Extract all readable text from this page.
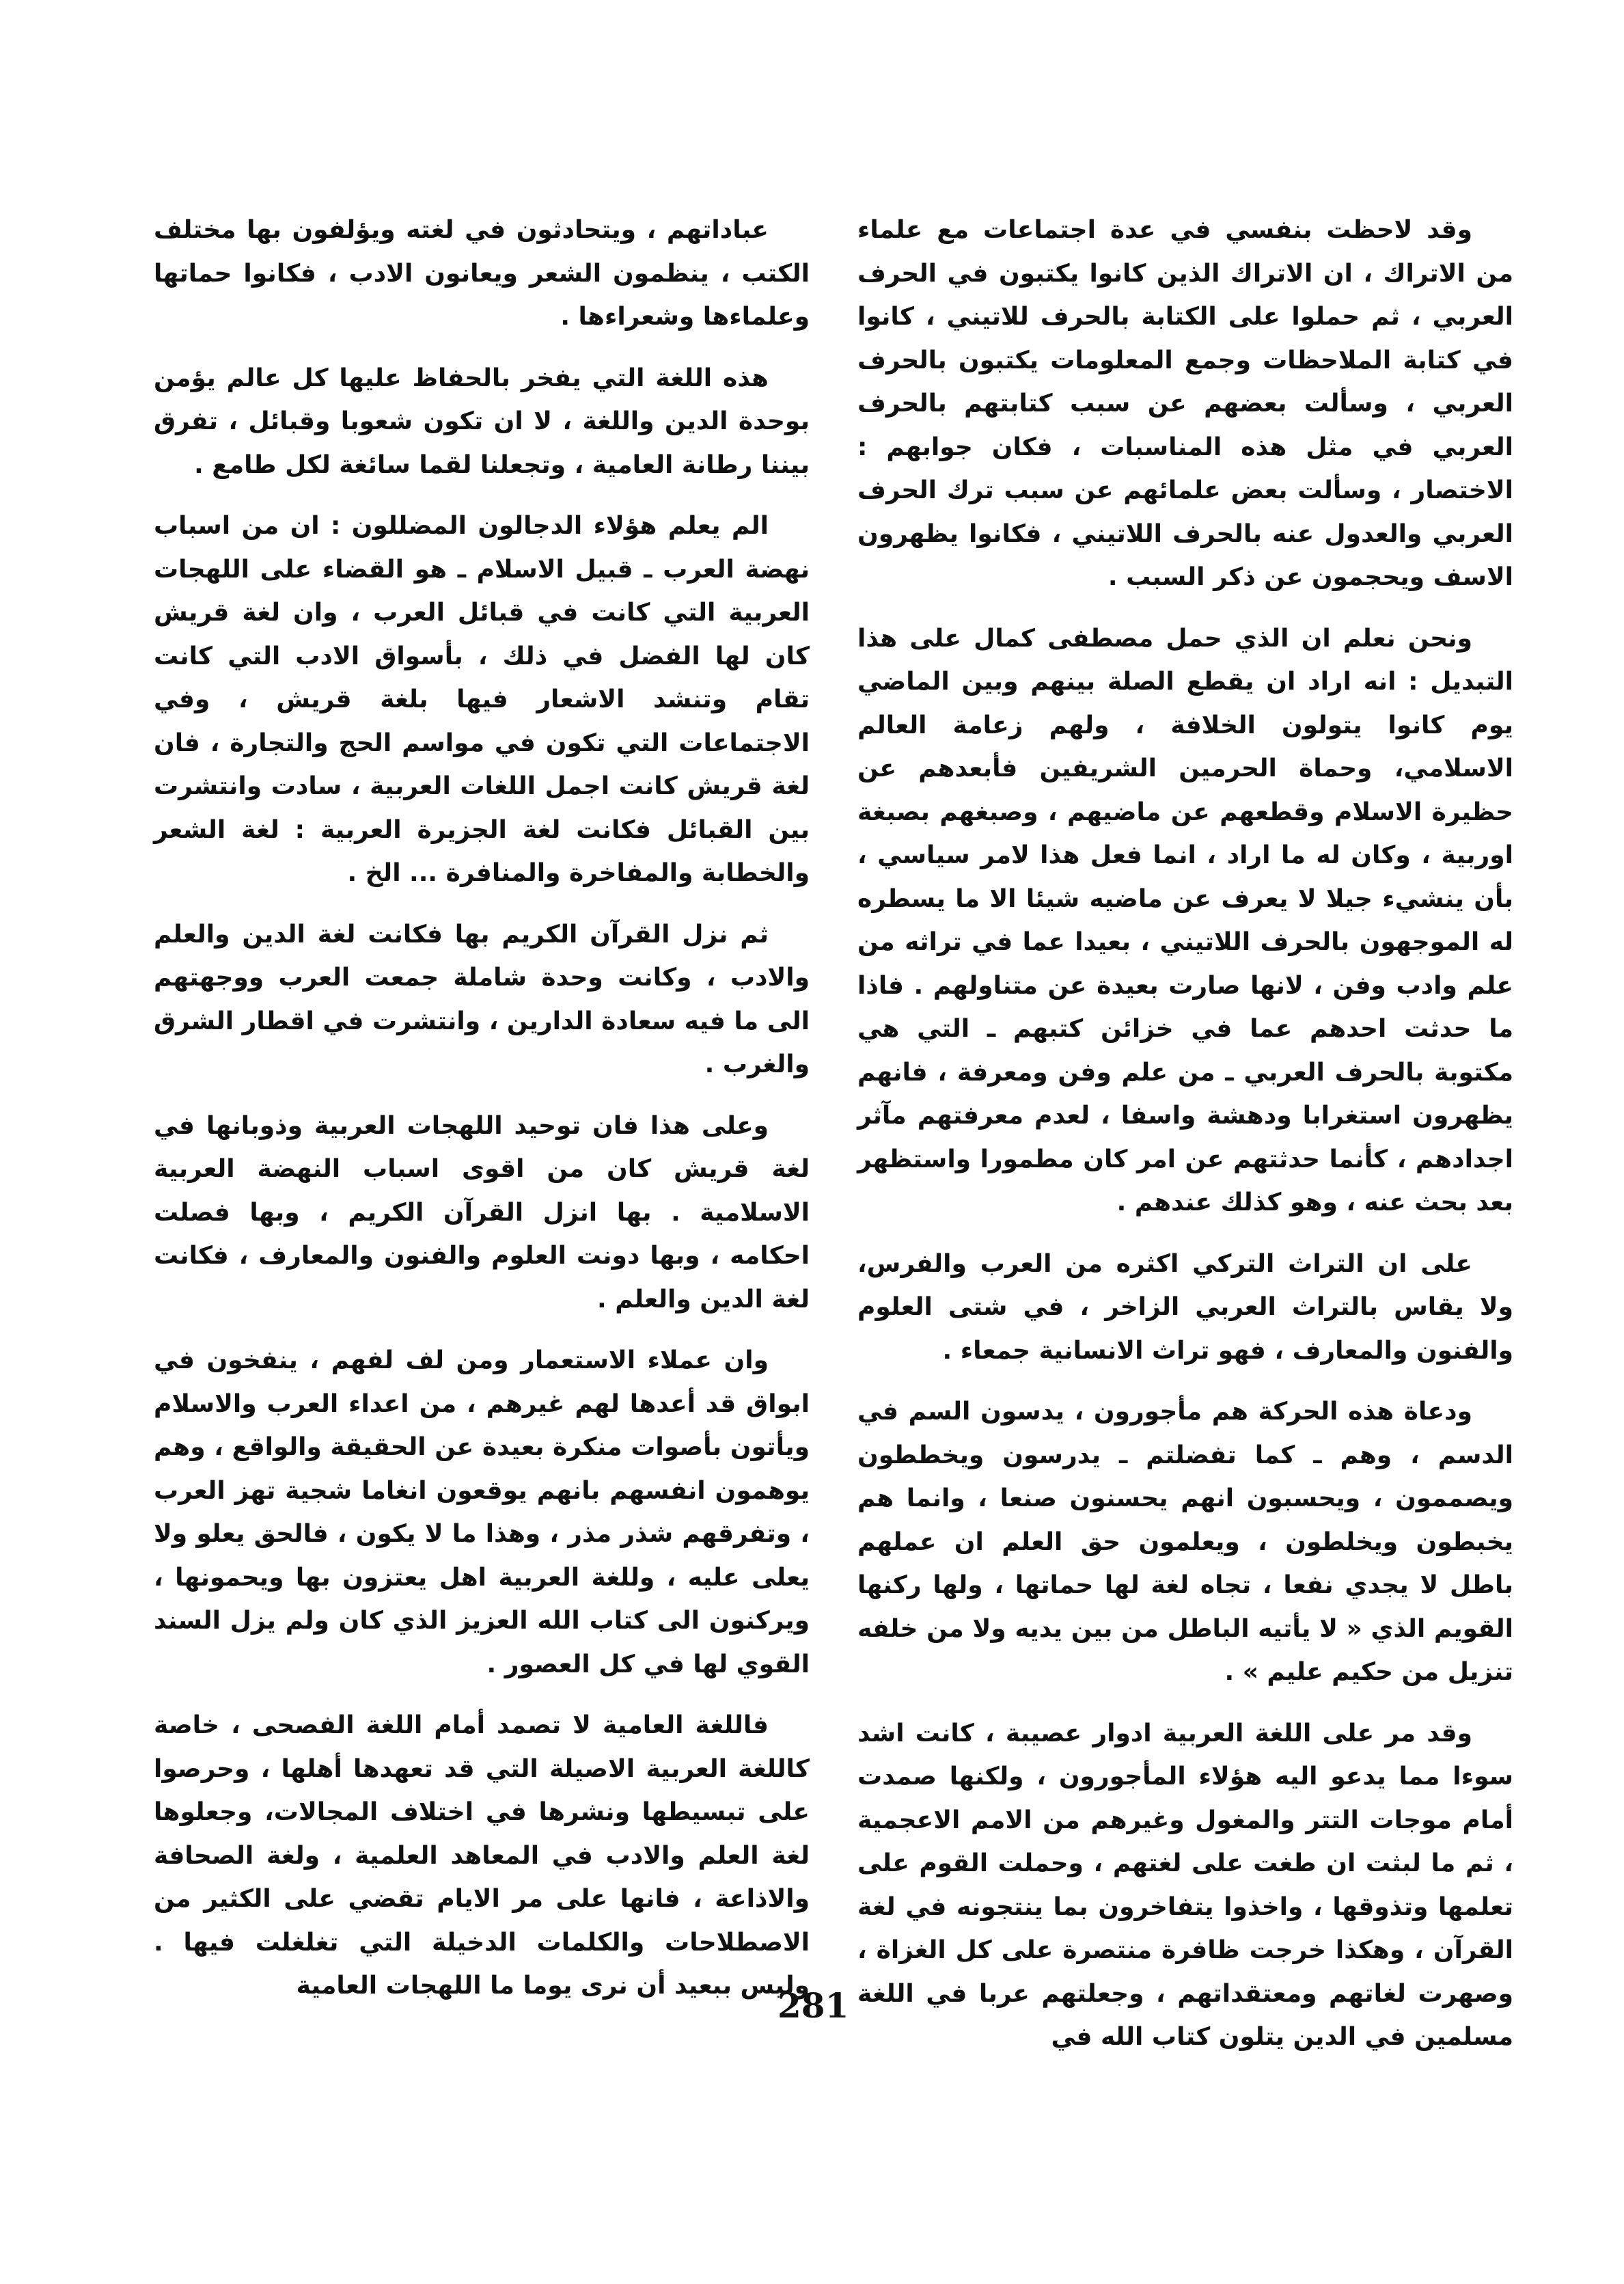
وقد لاحظت بنفسي في عدة اجتماعات مع علماء من الاتراك ، ان الاتراك الذين كانوا يكتبون في الحرف العربي ، ثم حملوا على الكتابة بالحرف للاتيني ، كانوا في كتابة الملاحظات وجمع المعلومات يكتبون بالحرف العربي ، وسألت بعضهم عن سبب كتابتهم بالحرف العربي في مثل هذه المناسبات ، فكان جوابهم : الاختصار ، وسألت بعض علمائهم عن سبب ترك الحرف العربي والعدول عنه بالحرف اللاتيني ، فكانوا يظهرون الاسف ويحجمون عن ذكر السبب .

ونحن نعلم ان الذي حمل مصطفى كمال على هذا التبديل : انه اراد ان يقطع الصلة بينهم وبين الماضي يوم كانوا يتولون الخلافة ، ولهم زعامة العالم الاسلامي، وحماة الحرمين الشريفين فأبعدهم عن حظيرة الاسلام وقطعهم عن ماضيهم ، وصبغهم بصبغة اوربية ، وكان له ما اراد ، انما فعل هذا لامر سياسي ، بأن ينشيء جيلا لا يعرف عن ماضيه شيئا الا ما يسطره له الموجهون بالحرف اللاتيني ، بعيدا عما في تراثه من علم وادب وفن ، لانها صارت بعيدة عن متناولهم . فاذا ما حدثت احدهم عما في خزائن كتبهم ـ التي هي مكتوبة بالحرف العربي ـ من علم وفن ومعرفة ، فانهم يظهرون استغرابا ودهشة واسفا ، لعدم معرفتهم مآثر اجدادهم ، كأنما حدثتهم عن امر كان مطمورا واستظهر بعد بحث عنه ، وهو كذلك عندهم .

على ان التراث التركي اكثره من العرب والفرس، ولا يقاس بالتراث العربي الزاخر ، في شتى العلوم والفنون والمعارف ، فهو تراث الانسانية جمعاء .

ودعاة هذه الحركة هم مأجورون ، يدسون السم في الدسم ، وهم ـ كما تفضلتم ـ يدرسون ويخططون ويصممون ، ويحسبون انهم يحسنون صنعا ، وانما هم يخبطون ويخلطون ، ويعلمون حق العلم ان عملهم باطل لا يجدي نفعا ، تجاه لغة لها حماتها ، ولها ركنها القويم الذي « لا يأتيه الباطل من بين يديه ولا من خلفه تنزيل من حكيم عليم » .

وقد مر على اللغة العربية ادوار عصيبة ، كانت اشد سوءا مما يدعو اليه هؤلاء المأجورون ، ولكنها صمدت أمام موجات التتر والمغول وغيرهم من الامم الاعجمية ، ثم ما لبثت ان طغت على لغتهم ، وحملت القوم على تعلمها وتذوقها ، واخذوا يتفاخرون بما ينتجونه في لغة القرآن ، وهكذا خرجت ظافرة منتصرة على كل الغزاة ، وصهرت لغاتهم ومعتقداتهم ، وجعلتهم عربا في اللغة مسلمين في الدين يتلون كتاب الله في

عباداتهم ، ويتحادثون في لغته ويؤلفون بها مختلف الكتب ، ينظمون الشعر ويعانون الادب ، فكانوا حماتها وعلماءها وشعراءها .

هذه اللغة التي يفخر بالحفاظ عليها كل عالم يؤمن بوحدة الدين واللغة ، لا ان تكون شعوبا وقبائل ، تفرق بيننا رطانة العامية ، وتجعلنا لقما سائغة لكل طامع .

الم يعلم هؤلاء الدجالون المضللون : ان من اسباب نهضة العرب ـ قبيل الاسلام ـ هو القضاء على اللهجات العربية التي كانت في قبائل العرب ، وان لغة قريش كان لها الفضل في ذلك ، بأسواق الادب التي كانت تقام وتنشد الاشعار فيها بلغة قريش ، وفي الاجتماعات التي تكون في مواسم الحج والتجارة ، فان لغة قريش كانت اجمل اللغات العربية ، سادت وانتشرت بين القبائل فكانت لغة الجزيرة العربية : لغة الشعر والخطابة والمفاخرة والمنافرة ... الخ .

ثم نزل القرآن الكريم بها فكانت لغة الدين والعلم والادب ، وكانت وحدة شاملة جمعت العرب ووجهتهم الى ما فيه سعادة الدارين ، وانتشرت في اقطار الشرق والغرب .

وعلى هذا فان توحيد اللهجات العربية وذوبانها في لغة قريش كان من اقوى اسباب النهضة العربية الاسلامية . بها انزل القرآن الكريم ، وبها فصلت احكامه ، وبها دونت العلوم والفنون والمعارف ، فكانت لغة الدين والعلم .

وان عملاء الاستعمار ومن لف لفهم ، ينفخون في ابواق قد أعدها لهم غيرهم ، من اعداء العرب والاسلام ويأتون بأصوات منكرة بعيدة عن الحقيقة والواقع ، وهم يوهمون انفسهم بانهم يوقعون انغاما شجية تهز العرب ، وتفرقهم شذر مذر ، وهذا ما لا يكون ، فالحق يعلو ولا يعلى عليه ، وللغة العربية اهل يعتزون بها ويحمونها ، ويركنون الى كتاب الله العزيز الذي كان ولم يزل السند القوي لها في كل العصور .

فاللغة العامية لا تصمد أمام اللغة الفصحى ، خاصة كاللغة العربية الاصيلة التي قد تعهدها أهلها ، وحرصوا على تبسيطها ونشرها في اختلاف المجالات، وجعلوها لغة العلم والادب في المعاهد العلمية ، ولغة الصحافة والاذاعة ، فانها على مر الايام تقضي على الكثير من الاصطلاحات والكلمات الدخيلة التي تغلغلت فيها . وليس ببعيد أن نرى يوما ما اللهجات العامية

281
